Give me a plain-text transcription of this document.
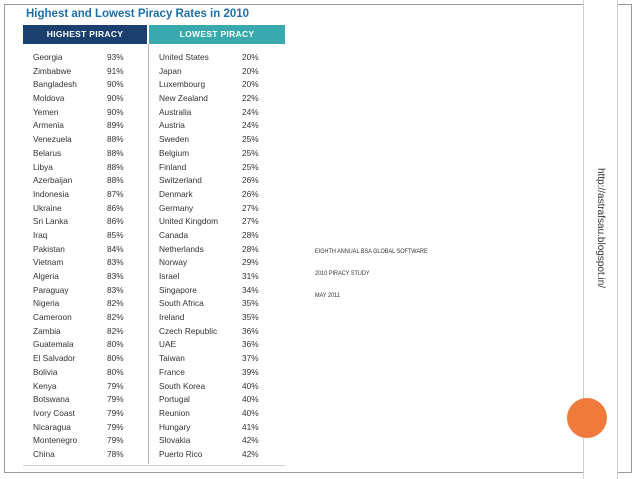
Highest and Lowest Piracy Rates in 2010
HIGHEST PIRACY	LOWEST PIRACY
Georgia	93%
Zimbabwe	91%
Bangladesh	90%
Moldova	90%
Yemen	90%
Armenia	89%
Venezuela	88%
Belarus	88%
Libya	88%
Azerbaijan	88%
Indonesia	87%
Ukraine	86%
Sri Lanka	86%
Iraq	85%
Pakistan	84%
Vietnam	83%
Algeria	83%
Paraguay	83%
Nigeria	82%
Cameroon	82%
Zambia	82%
Guatemala	80%
El Salvador	80%
Bolivia	80%
Kenya	79%
Botswana	79%
Ivory Coast	79%
Nicaragua	79%
Montenegro	79%
China	78%
United States	20%
Japan	20%
Luxembourg	20%
New Zealand	22%
Australia	24%
Austria	24%
Sweden	25%
Belgium	25%
Finland	25%
Switzerland	26%
Denmark	26%
Germany	27%
United Kingdom	27%
Canada	28%
Netherlands	28%
Norway	29%
Israel	31%
Singapore	34%
South Africa	35%
Ireland	35%
Czech Republic	36%
UAE	36%
Taiwan	37%
France	39%
South Korea	40%
Portugal	40%
Reunion	40%
Hungary	41%
Slovakia	42%
Puerto Rico	42%
EIGHTH ANNUAL BSA GLOBAL SOFTWARE
2010 PIRACY STUDY
MAY 2011
http://astrafsau.blogspot.in/
